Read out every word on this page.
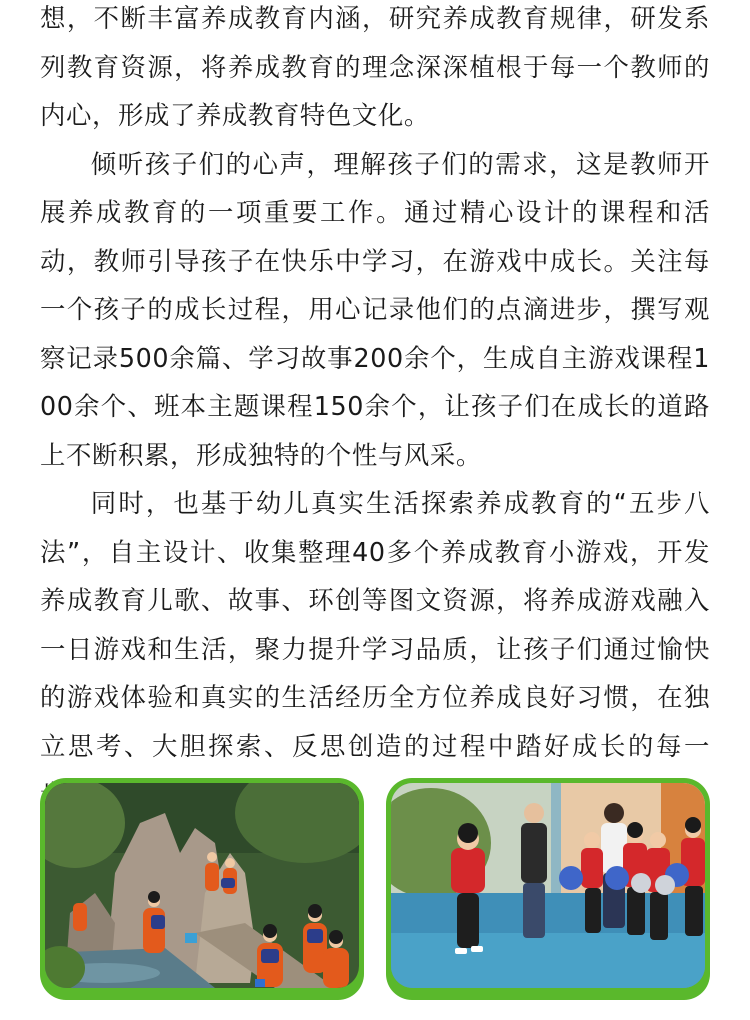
想，不断丰富养成教育内涵，研究养成教育规律，研发系列教育资源，将养成教育的理念深深植根于每一个教师的内心，形成了养成教育特色文化。

倾听孩子们的心声，理解孩子们的需求，这是教师开展养成教育的一项重要工作。通过精心设计的课程和活动，教师引导孩子在快乐中学习，在游戏中成长。关注每一个孩子的成长过程，用心记录他们的点滴进步，撰写观察记录500余篇、学习故事200余个，生成自主游戏课程100余个、班本主题课程150余个，让孩子们在成长的道路上不断积累，形成独特的个性与风采。

同时，也基于幼儿真实生活探索养成教育的“五步八法”，自主设计、收集整理40多个养成教育小游戏，开发养成教育儿歌、故事、环创等图文资源，将养成游戏融入一日游戏和生活，聚力提升学习品质，让孩子们通过愉快的游戏体验和真实的生活经历全方位养成良好习惯，在独立思考、大胆探索、反思创造的过程中踏好成长的每一
